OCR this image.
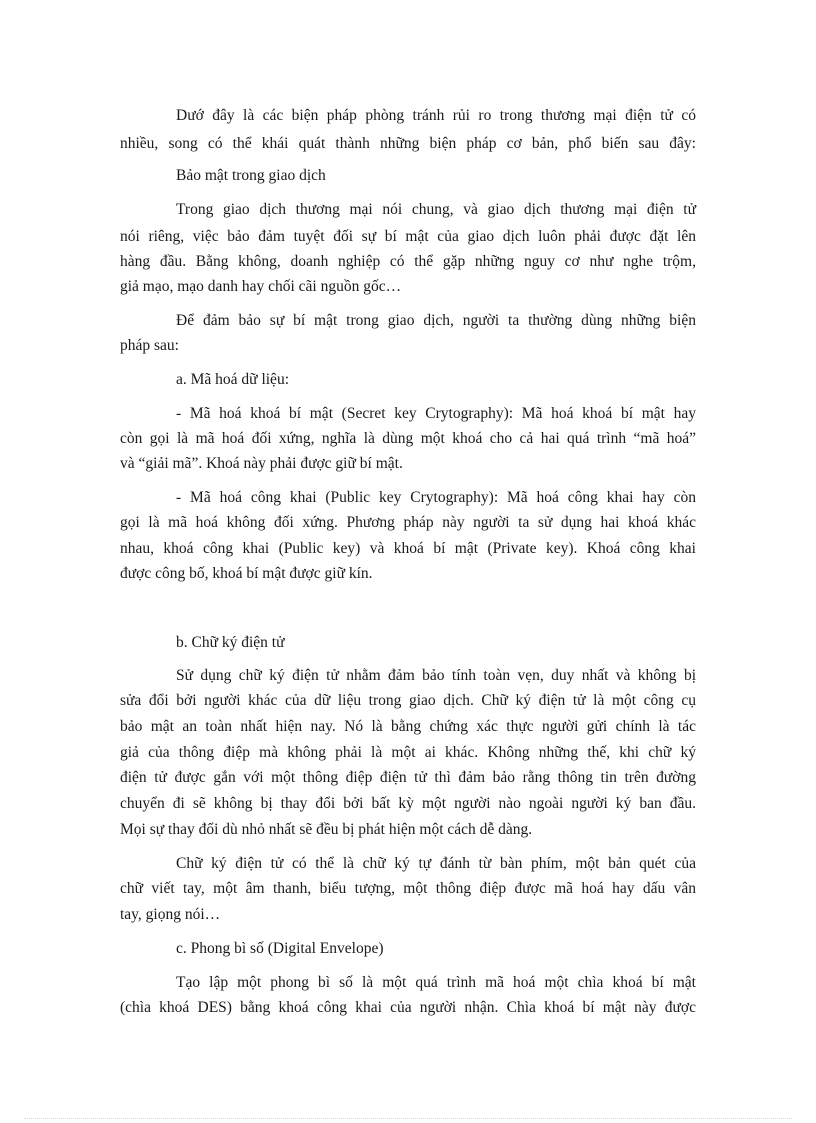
Dướ đây là các biện pháp phòng tránh rủi ro trong thương mại điện tử có
nhiều, song có thể khái quát thành những biện pháp cơ bản, phổ biến sau đây:
Bảo mật trong giao dịch
Trong giao dịch thương mại nói chung, và giao dịch thương mại điện tử
nói riêng, việc bảo đảm tuyệt đối sự bí mật của giao dịch luôn phải được đặt lên
hàng đầu. Bằng không, doanh nghiệp có thể gặp những nguy cơ như nghe trộm,
giả mạo, mạo danh hay chối cãi nguồn gốc…
Để đảm bảo sự bí mật trong giao dịch, người ta thường dùng những biện
pháp sau:
a. Mã hoá dữ liệu:
- Mã hoá khoá bí mật (Secret key Crytography): Mã hoá khoá bí mật hay
còn gọi là mã hoá đối xứng, nghĩa là dùng một khoá cho cả hai quá trình “mã hoá”
và “giải mã”. Khoá này phải được giữ bí mật.
- Mã hoá công khai (Public key Crytography): Mã hoá công khai hay còn
gọi là mã hoá không đối xứng. Phương pháp này người ta sử dụng hai khoá khác
nhau, khoá công khai (Public key) và khoá bí mật (Private key). Khoá công khai
được công bố, khoá bí mật được giữ kín.
b. Chữ ký điện tử
Sử dụng chữ ký điện tử nhằm đảm bảo tính toàn vẹn, duy nhất và không bị
sửa đổi bởi người khác của dữ liệu trong giao dịch. Chữ ký điện tử là một công cụ
bảo mật an toàn nhất hiện nay. Nó là bằng chứng xác thực người gửi chính là tác
giả của thông điệp mà không phải là một ai khác. Không những thế, khi chữ ký
điện tử được gắn với một thông điệp điện tử thì đảm bảo rằng thông tin trên đường
chuyển đi sẽ không bị thay đổi bởi bất kỳ một người nào ngoài người ký ban đầu.
Mọi sự thay đổi dù nhỏ nhất sẽ đều bị phát hiện một cách dễ dàng.
Chữ ký điện tử có thể là chữ ký tự đánh từ bàn phím, một bản quét của
chữ viết tay, một âm thanh, biểu tượng, một thông điệp được mã hoá hay dấu vân
tay, giọng nói…
c. Phong bì số (Digital Envelope)
Tạo lập một phong bì số là một quá trình mã hoá một chìa khoá bí mật
(chìa khoá DES) bằng khoá công khai của người nhận. Chìa khoá bí mật này được
